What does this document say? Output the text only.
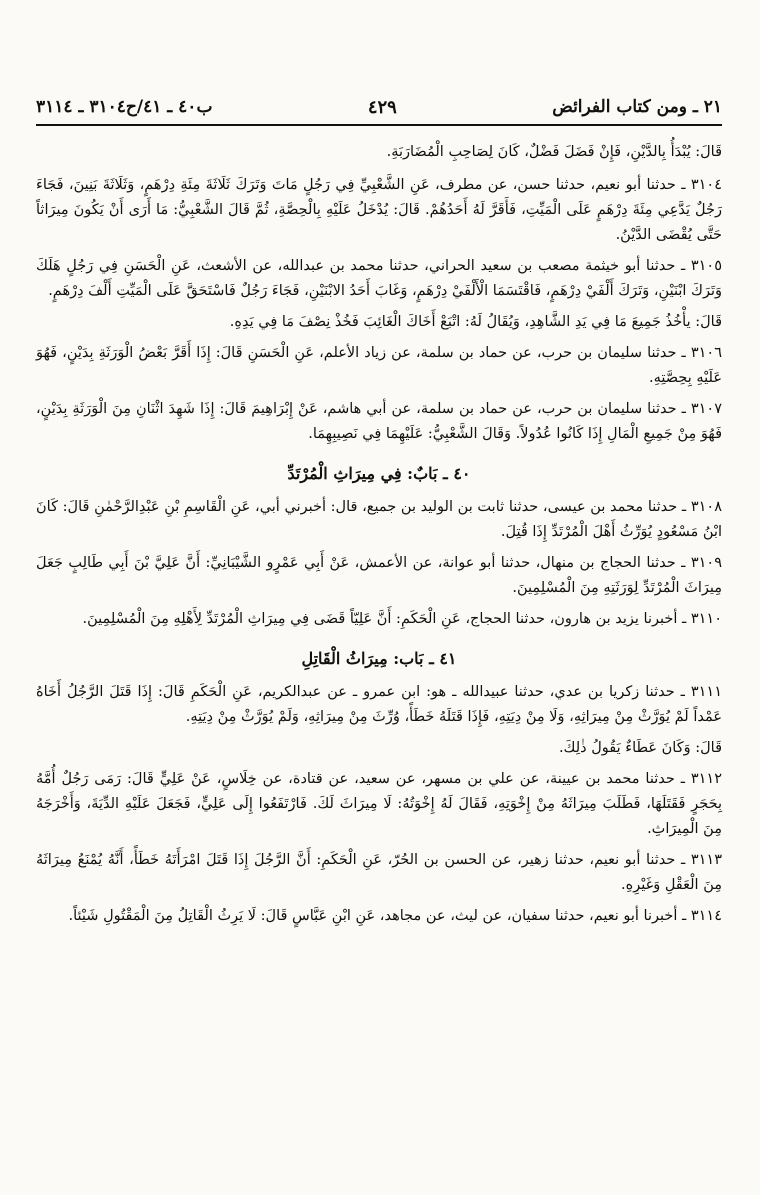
٢١ ـ ومن كتاب الفرائض
٤٢٩
ب٤٠ ـ ٤١/ح٣١٠٤ ـ ٣١١٤

قَالَ: يُبْدَأُ بِالدَّيْنِ، فَإِنْ فَضَلَ فَضْلٌ، كَانَ لِصَاحِبِ الْمُضَارَبَةِ.

٣١٠٤ ـ حدثنا أبو نعيم، حدثنا حسن، عن مطرف، عَنِ الشَّعْبِيِّ فِي رَجُلٍ مَاتَ وَتَرَكَ ثَلَاثَةَ مِئَةِ دِرْهَمٍ، وَثَلَاثَةَ بَنِينَ، فَجَاءَ رَجُلٌ يَدَّعِي مِئَةَ دِرْهَمٍ عَلَى الْمَيِّتِ، فَأَقَرَّ لَهُ أَحَدُهُمْ. قَالَ: يُدْخَلُ عَلَيْهِ بِالْحِصَّةِ، ثُمَّ قَالَ الشَّعْبِيُّ: مَا أَرَى أَنْ يَكُونَ مِيرَاثاً حَتَّى يُقْضَى الدَّيْنُ.

٣١٠٥ ـ حدثنا أبو خيثمة مصعب بن سعيد الحراني، حدثنا محمد بن عبدالله، عن الأشعث، عَنِ الْحَسَنِ فِي رَجُلٍ هَلَكَ وَتَرَكَ ابْنَيْنِ، وَتَرَكَ أَلْفَيْ دِرْهَمٍ، فَاقْتَسَمَا الْأَلْفَيْ دِرْهَمٍ، وَغَابَ أَحَدُ الابْنَيْنِ، فَجَاءَ رَجُلٌ فَاسْتَحَقَّ عَلَى الْمَيِّتِ أَلْفَ دِرْهَمٍ.

قَالَ: يأْخُذُ جَمِيعَ مَا فِي يَدِ الشَّاهِدِ، وَيُقَالُ لَهُ: اتْبَعْ أَخَاكَ الْغَائِبَ فَخُذْ نِصْفَ مَا فِي يَدِهِ.

٣١٠٦ ـ حدثنا سليمان بن حرب، عن حماد بن سلمة، عن زياد الأعلم، عَنِ الْحَسَنِ قَالَ: إِذَا أَقَرَّ بَعْضُ الْوَرَثَةِ بِدَيْنٍ، فَهُوَ عَلَيْهِ بِحِصَّتِهِ.

٣١٠٧ ـ حدثنا سليمان بن حرب، عن حماد بن سلمة، عن أبي هاشم، عَنْ إِبْرَاهِيمَ قَالَ: إِذَا شَهِدَ اثْنَانِ مِنَ الْوَرَثَةِ بِدَيْنٍ، فَهُوَ مِنْ جَمِيعِ الْمَالِ إِذَا كَانُوا عُدُولاً. وَقَالَ الشَّعْبِيُّ: عَلَيْهِمَا فِي نَصِيبِهِمَا.

٤٠ ـ بَابٌ: فِي مِيرَاثِ الْمُرْتَدِّ

٣١٠٨ ـ حدثنا محمد بن عيسى، حدثنا ثابت بن الوليد بن جميع، قال: أخبرني أبي، عَنِ الْقَاسِمِ بْنِ عَبْدِالرَّحْمٰنِ قَالَ: كَانَ ابْنُ مَسْعُودٍ يُوَرِّثُ أَهْلَ الْمُرْتَدِّ إِذَا قُتِلَ.

٣١٠٩ ـ حدثنا الحجاج بن منهال، حدثنا أبو عوانة، عن الأعمش، عَنْ أَبِي عَمْرٍو الشَّيْبَانِيِّ: أَنَّ عَلِيَّ بْنَ أَبِي طَالِبٍ جَعَلَ مِيرَاثَ الْمُرْتَدِّ لِوَرَثَتِهِ مِنَ الْمُسْلِمِينَ.

٣١١٠ ـ أخبرنا يزيد بن هارون، حدثنا الحجاج، عَنِ الْحَكَمِ: أَنَّ عَلِيّاً قَضَى فِي مِيرَاثِ الْمُرْتَدِّ لِأَهْلِهِ مِنَ الْمُسْلِمِينَ.

٤١ ـ بَاب: مِيرَاثُ الْقَاتِلِ

٣١١١ ـ حدثنا زكريا بن عدي، حدثنا عبيدالله ـ هو: ابن عمرو ـ عن عبدالكريم، عَنِ الْحَكَمِ قَالَ: إِذَا قَتَلَ الرَّجُلُ أَخَاهُ عَمْداً لَمْ يُوَرَّثْ مِنْ مِيرَاثِهِ، وَلَا مِنْ دِيَتِهِ، فَإِذَا قَتَلَهُ خَطَأً، وُرِّثَ مِنْ مِيرَاثِهِ، وَلَمْ يُوَرَّثْ مِنْ دِيَتِهِ.

قَالَ: وَكَانَ عَطَاءٌ يَقُولُ ذٰلِكَ.

٣١١٢ ـ حدثنا محمد بن عيينة، عن علي بن مسهر، عن سعيد، عن قتادة، عن خِلَاسٍ، عَنْ عَلِيٍّ قَالَ: رَمَى رَجُلٌ أُمَّهُ بِحَجَرٍ فَقَتَلَهَا، فَطَلَبَ مِيرَاثَهُ مِنْ إِخْوَتِهِ، فَقَالَ لَهُ إِخْوَتُهُ: لَا مِيرَاثَ لَكَ. فَارْتَفَعُوا إِلَى عَلِيٍّ، فَجَعَلَ عَلَيْهِ الدِّيَةَ، وَأَخْرَجَهُ مِنَ الْمِيرَاثِ.

٣١١٣ ـ حدثنا أبو نعيم، حدثنا زهير، عن الحسن بن الحُرّ، عَنِ الْحَكَمِ: أَنَّ الرَّجُلَ إِذَا قَتَلَ امْرَأَتَهُ خَطَأً، أَنَّهُ يُمْنَعُ مِيرَاثَهُ مِنَ الْعَقْلِ وَغَيْرِهِ.

٣١١٤ ـ أخبرنا أبو نعيم، حدثنا سفيان، عن ليث، عن مجاهد، عَنِ ابْنِ عَبَّاسٍ قَالَ: لَا يَرِثُ الْقَاتِلُ مِنَ الْمَقْتُولِ شَيْئاً.
